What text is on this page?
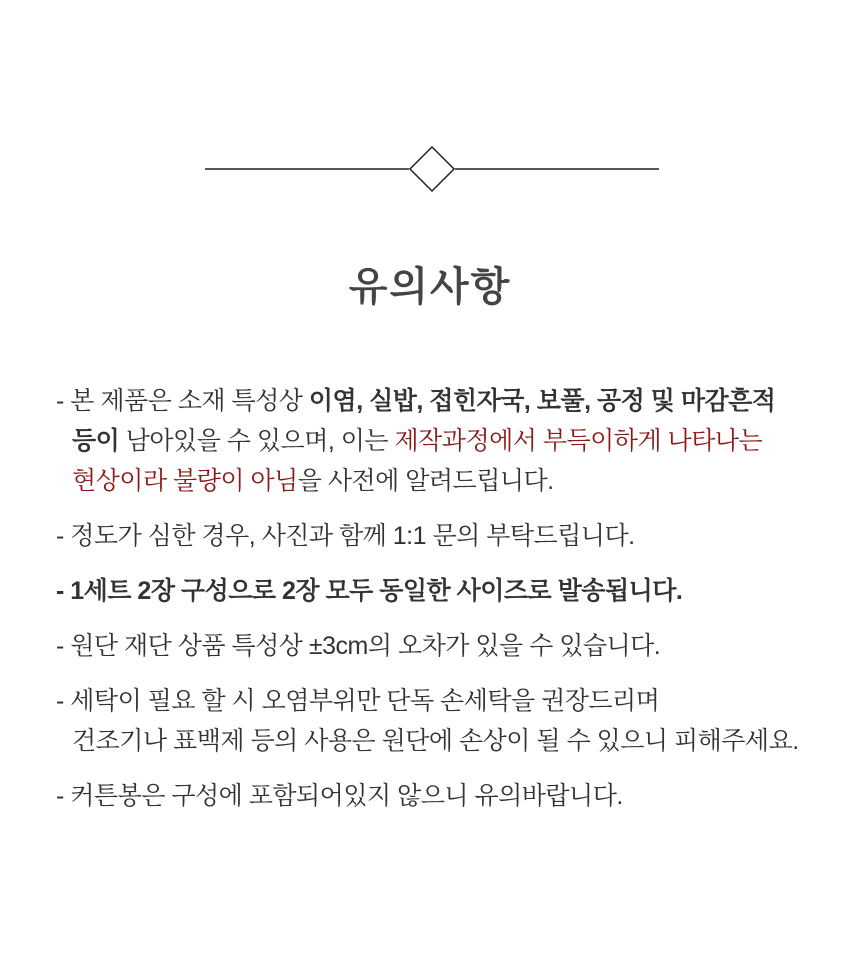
유의사항
- 본 제품은 소재 특성상 이염, 실밥, 접힌자국, 보풀, 공정 및 마감흔적
등이 남아있을 수 있으며, 이는 제작과정에서 부득이하게 나타나는
현상이라 불량이 아님을 사전에 알려드립니다.
- 정도가 심한 경우, 사진과 함께 1:1 문의 부탁드립니다.
- 1세트 2장 구성으로 2장 모두 동일한 사이즈로 발송됩니다.
- 원단 재단 상품 특성상 ±3cm의 오차가 있을 수 있습니다.
- 세탁이 필요 할 시 오염부위만 단독 손세탁을 권장드리며
건조기나 표백제 등의 사용은 원단에 손상이 될 수 있으니 피해주세요.
- 커튼봉은 구성에 포함되어있지 않으니 유의바랍니다.
